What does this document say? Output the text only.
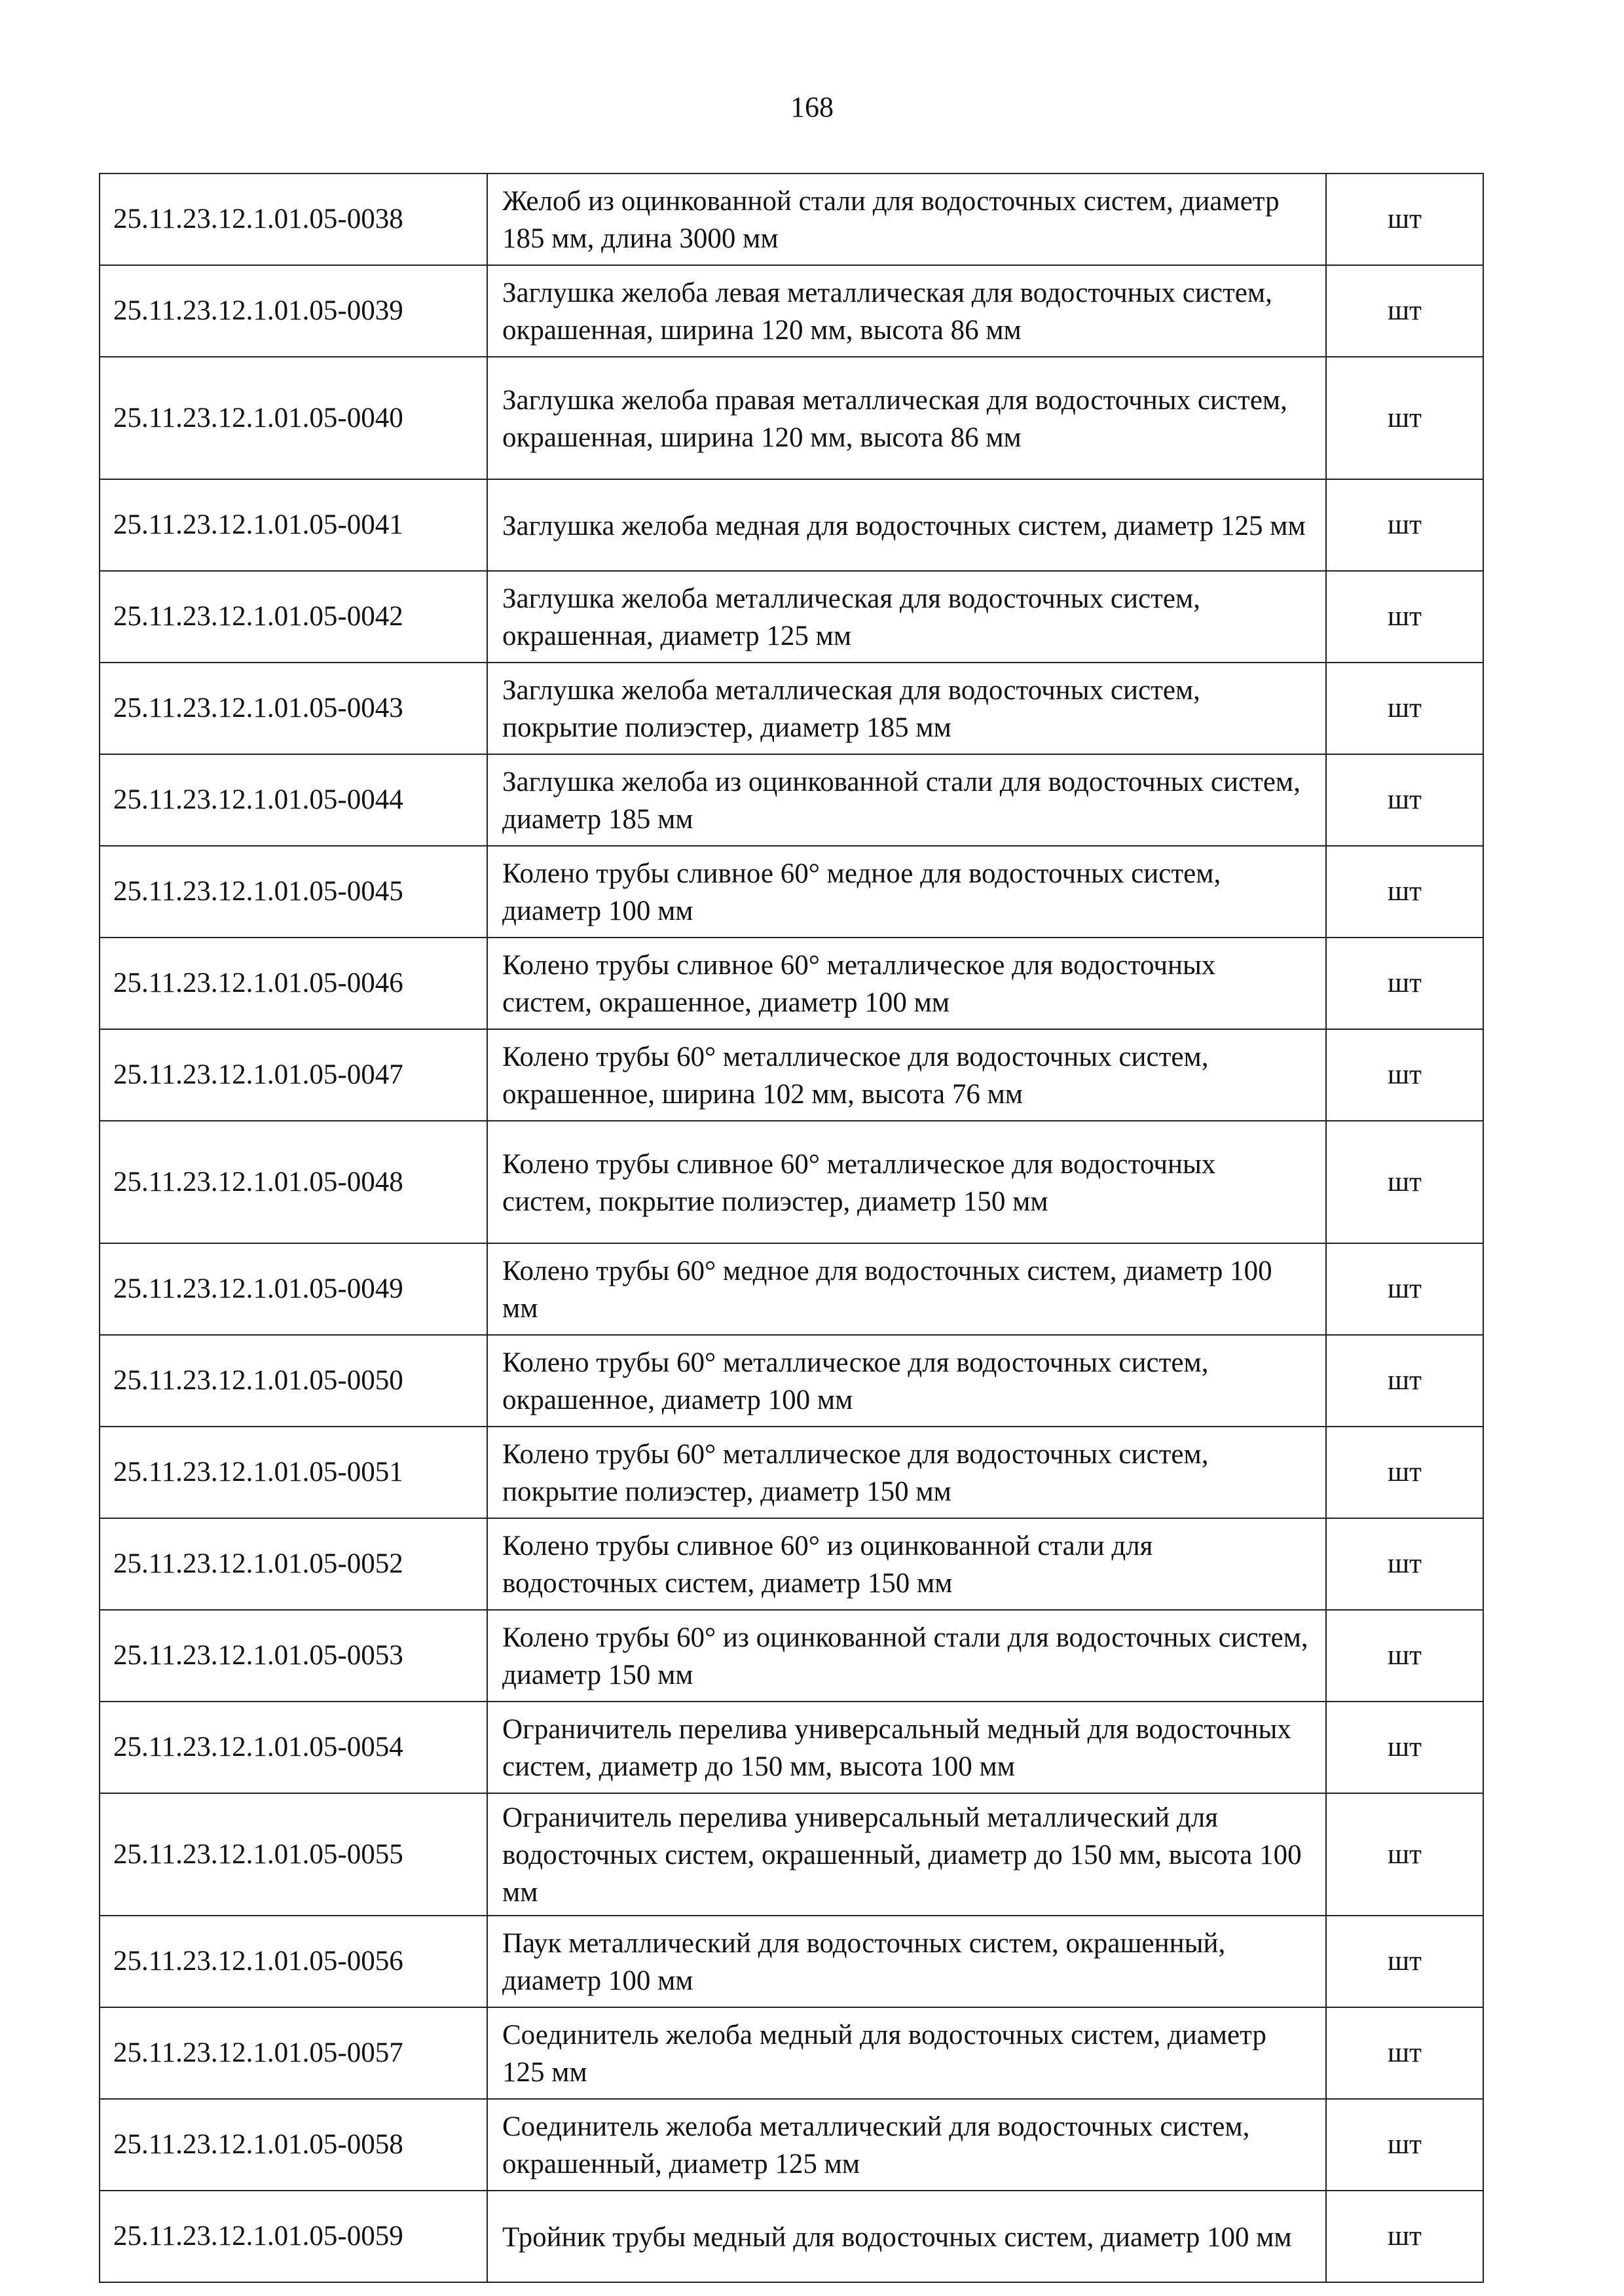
168
25.11.23.12.1.01.05-0038	Желоб из оцинкованной стали для водосточных систем, диаметр 185 мм, длина 3000 мм	шт
25.11.23.12.1.01.05-0039	Заглушка желоба левая металлическая для водосточных систем, окрашенная, ширина 120 мм, высота 86 мм	шт
25.11.23.12.1.01.05-0040	Заглушка желоба правая металлическая для водосточных систем, окрашенная, ширина 120 мм, высота 86 мм	шт
25.11.23.12.1.01.05-0041	Заглушка желоба медная для водосточных систем, диаметр 125 мм	шт
25.11.23.12.1.01.05-0042	Заглушка желоба металлическая для водосточных систем, окрашенная, диаметр 125 мм	шт
25.11.23.12.1.01.05-0043	Заглушка желоба металлическая для водосточных систем, покрытие полиэстер, диаметр 185 мм	шт
25.11.23.12.1.01.05-0044	Заглушка желоба из оцинкованной стали для водосточных систем, диаметр 185 мм	шт
25.11.23.12.1.01.05-0045	Колено трубы сливное 60° медное для водосточных систем, диаметр 100 мм	шт
25.11.23.12.1.01.05-0046	Колено трубы сливное 60° металлическое для водосточных систем, окрашенное, диаметр 100 мм	шт
25.11.23.12.1.01.05-0047	Колено трубы 60° металлическое для водосточных систем, окрашенное, ширина 102 мм, высота 76 мм	шт
25.11.23.12.1.01.05-0048	Колено трубы сливное 60° металлическое для водосточных систем, покрытие полиэстер, диаметр 150 мм	шт
25.11.23.12.1.01.05-0049	Колено трубы 60° медное для водосточных систем, диаметр 100 мм	шт
25.11.23.12.1.01.05-0050	Колено трубы 60° металлическое для водосточных систем, окрашенное, диаметр 100 мм	шт
25.11.23.12.1.01.05-0051	Колено трубы 60° металлическое для водосточных систем, покрытие полиэстер, диаметр 150 мм	шт
25.11.23.12.1.01.05-0052	Колено трубы сливное 60° из оцинкованной стали для водосточных систем, диаметр 150 мм	шт
25.11.23.12.1.01.05-0053	Колено трубы 60° из оцинкованной стали для водосточных систем, диаметр 150 мм	шт
25.11.23.12.1.01.05-0054	Ограничитель перелива универсальный медный для водосточных систем, диаметр до 150 мм, высота 100 мм	шт
25.11.23.12.1.01.05-0055	Ограничитель перелива универсальный металлический для водосточных систем, окрашенный, диаметр до 150 мм, высота 100 мм	шт
25.11.23.12.1.01.05-0056	Паук металлический для водосточных систем, окрашенный, диаметр 100 мм	шт
25.11.23.12.1.01.05-0057	Соединитель желоба медный для водосточных систем, диаметр 125 мм	шт
25.11.23.12.1.01.05-0058	Соединитель желоба металлический для водосточных систем, окрашенный, диаметр 125 мм	шт
25.11.23.12.1.01.05-0059	Тройник трубы медный для водосточных систем, диаметр 100 мм	шт
